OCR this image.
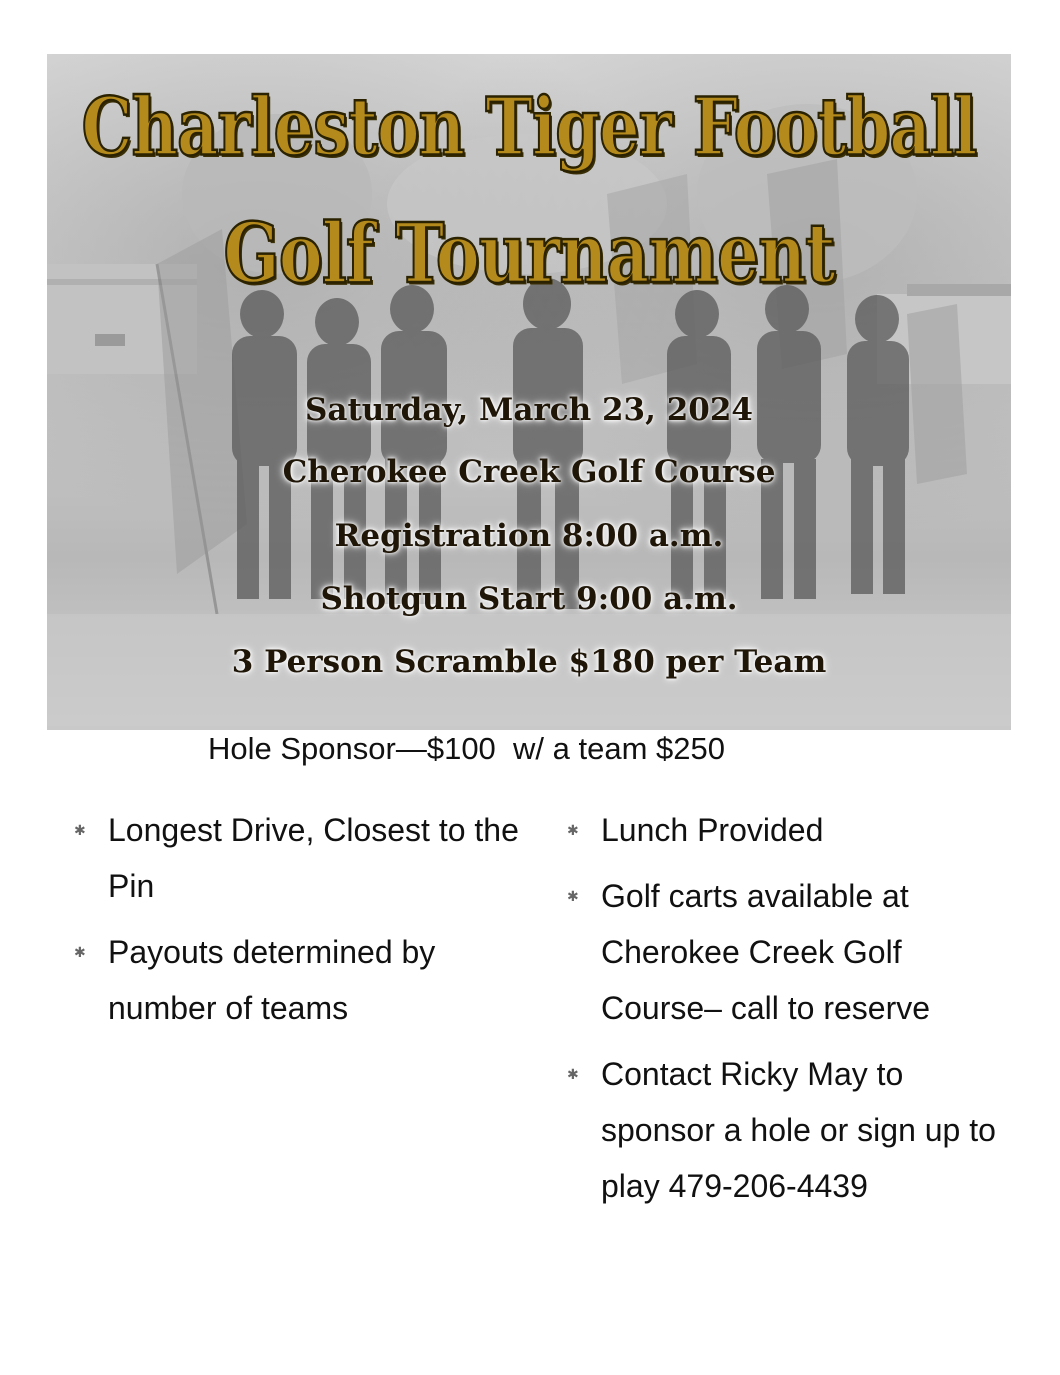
Charleston Tiger Football
Golf Tournament
Saturday, March 23, 2024
Cherokee Creek Golf Course
Registration 8:00 a.m.
Shotgun Start 9:00 a.m.
3 Person Scramble $180 per Team
Hole Sponsor—$100  w/ a team $250
✱ Longest Drive, Closest to the Pin
✱ Payouts determined by number of teams
✱ Lunch Provided
✱ Golf carts available at Cherokee Creek Golf Course– call to reserve
✱ Contact Ricky May to sponsor a hole or sign up to play 479-206-4439
